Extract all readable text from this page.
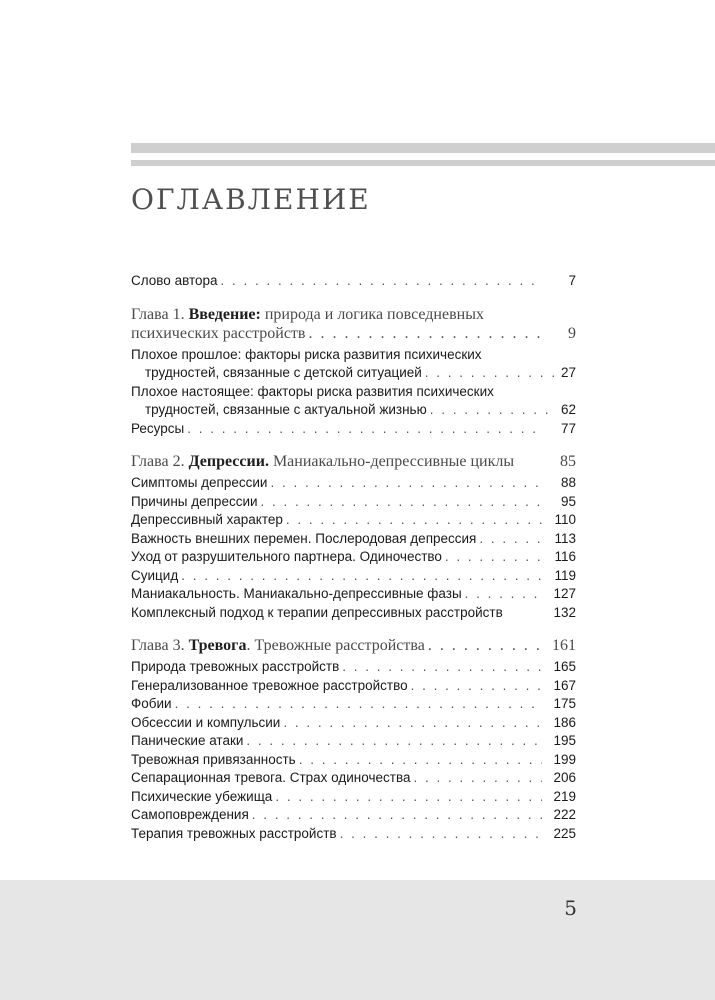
ОГЛАВЛЕНИЕ
Слово автора . . .	7
Глава 1. Введение: природа и логика повседневных
психических расстройств . . .	9
Плохое прошлое: факторы риска развития психических
трудностей, связанные с детской ситуацией . . .	27
Плохое настоящее: факторы риска развития психических
трудностей, связанные с актуальной жизнью . . .	62
Ресурсы . . .	77
Глава 2. Депрессии. Маниакально-депрессивные циклы	85
Симптомы депрессии . . .	88
Причины депрессии . . .	95
Депрессивный характер . . .	110
Важность внешних перемен. Послеродовая депрессия . . .	113
Уход от разрушительного партнера. Одиночество . . .	116
Суицид . . .	119
Маниакальность. Маниакально-депрессивные фазы . . .	127
Комплексный подход к терапии депрессивных расстройств	132
Глава 3. Тревога. Тревожные расстройства . . .	161
Природа тревожных расстройств . . .	165
Генерализованное тревожное расстройство . . .	167
Фобии . . .	175
Обсессии и компульсии . . .	186
Панические атаки . . .	195
Тревожная привязанность . . .	199
Сепарационная тревога. Страх одиночества . . .	206
Психические убежища . . .	219
Самоповреждения . . .	222
Терапия тревожных расстройств . . .	225
5
